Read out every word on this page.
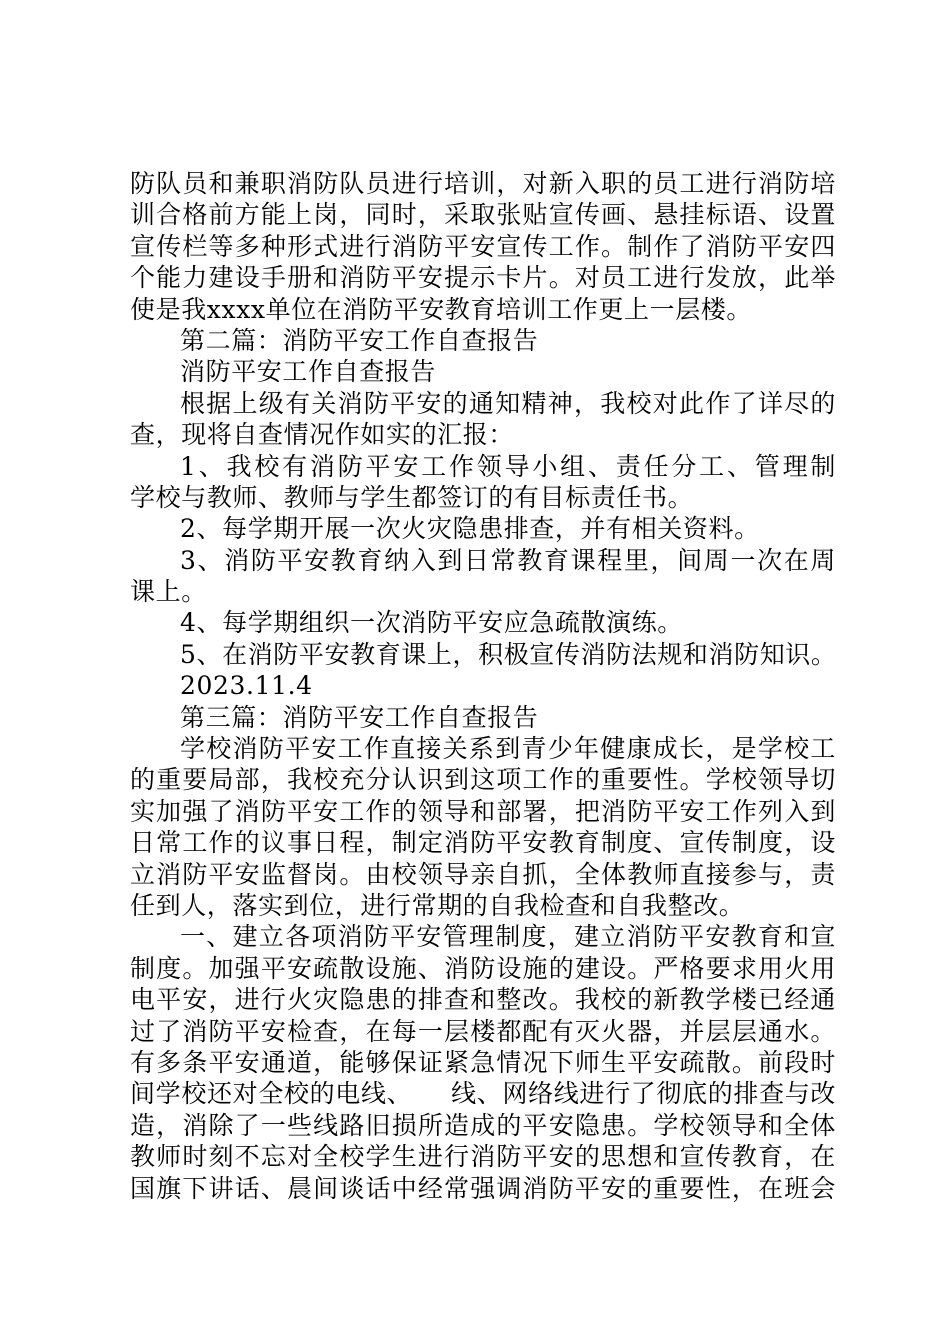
防队员和兼职消防队员进行培训，对新入职的员工进行消防培
训合格前方能上岗，同时，采取张贴宣传画、悬挂标语、设置
宣传栏等多种形式进行消防平安宣传工作。制作了消防平安四
个能力建设手册和消防平安提示卡片。对员工进行发放，此举
使是我xxxx单位在消防平安教育培训工作更上一层楼。
第二篇：消防平安工作自查报告
消防平安工作自查报告
根据上级有关消防平安的通知精神，我校对此作了详尽的
查，现将自查情况作如实的汇报：
1、我校有消防平安工作领导小组、责任分工、管理制
学校与教师、教师与学生都签订的有目标责任书。
2、每学期开展一次火灾隐患排查，并有相关资料。
3、消防平安教育纳入到日常教育课程里，间周一次在周
课上。
4、每学期组织一次消防平安应急疏散演练。
5、在消防平安教育课上，积极宣传消防法规和消防知识。
2023.11.4
第三篇：消防平安工作自查报告
学校消防平安工作直接关系到青少年健康成长，是学校工
的重要局部，我校充分认识到这项工作的重要性。学校领导切
实加强了消防平安工作的领导和部署，把消防平安工作列入到
日常工作的议事日程，制定消防平安教育制度、宣传制度，设
立消防平安监督岗。由校领导亲自抓，全体教师直接参与，责
任到人，落实到位，进行常期的自我检查和自我整改。
一、建立各项消防平安管理制度，建立消防平安教育和宣
制度。加强平安疏散设施、消防设施的建设。严格要求用火用
电平安，进行火灾隐患的排查和整改。我校的新教学楼已经通
过了消防平安检查，在每一层楼都配有灭火器，并层层通水。
有多条平安通道，能够保证紧急情况下师生平安疏散。前段时
间学校还对全校的电线、　　线、网络线进行了彻底的排查与改
造，消除了一些线路旧损所造成的平安隐患。学校领导和全体
教师时刻不忘对全校学生进行消防平安的思想和宣传教育，在
国旗下讲话、晨间谈话中经常强调消防平安的重要性，在班会
